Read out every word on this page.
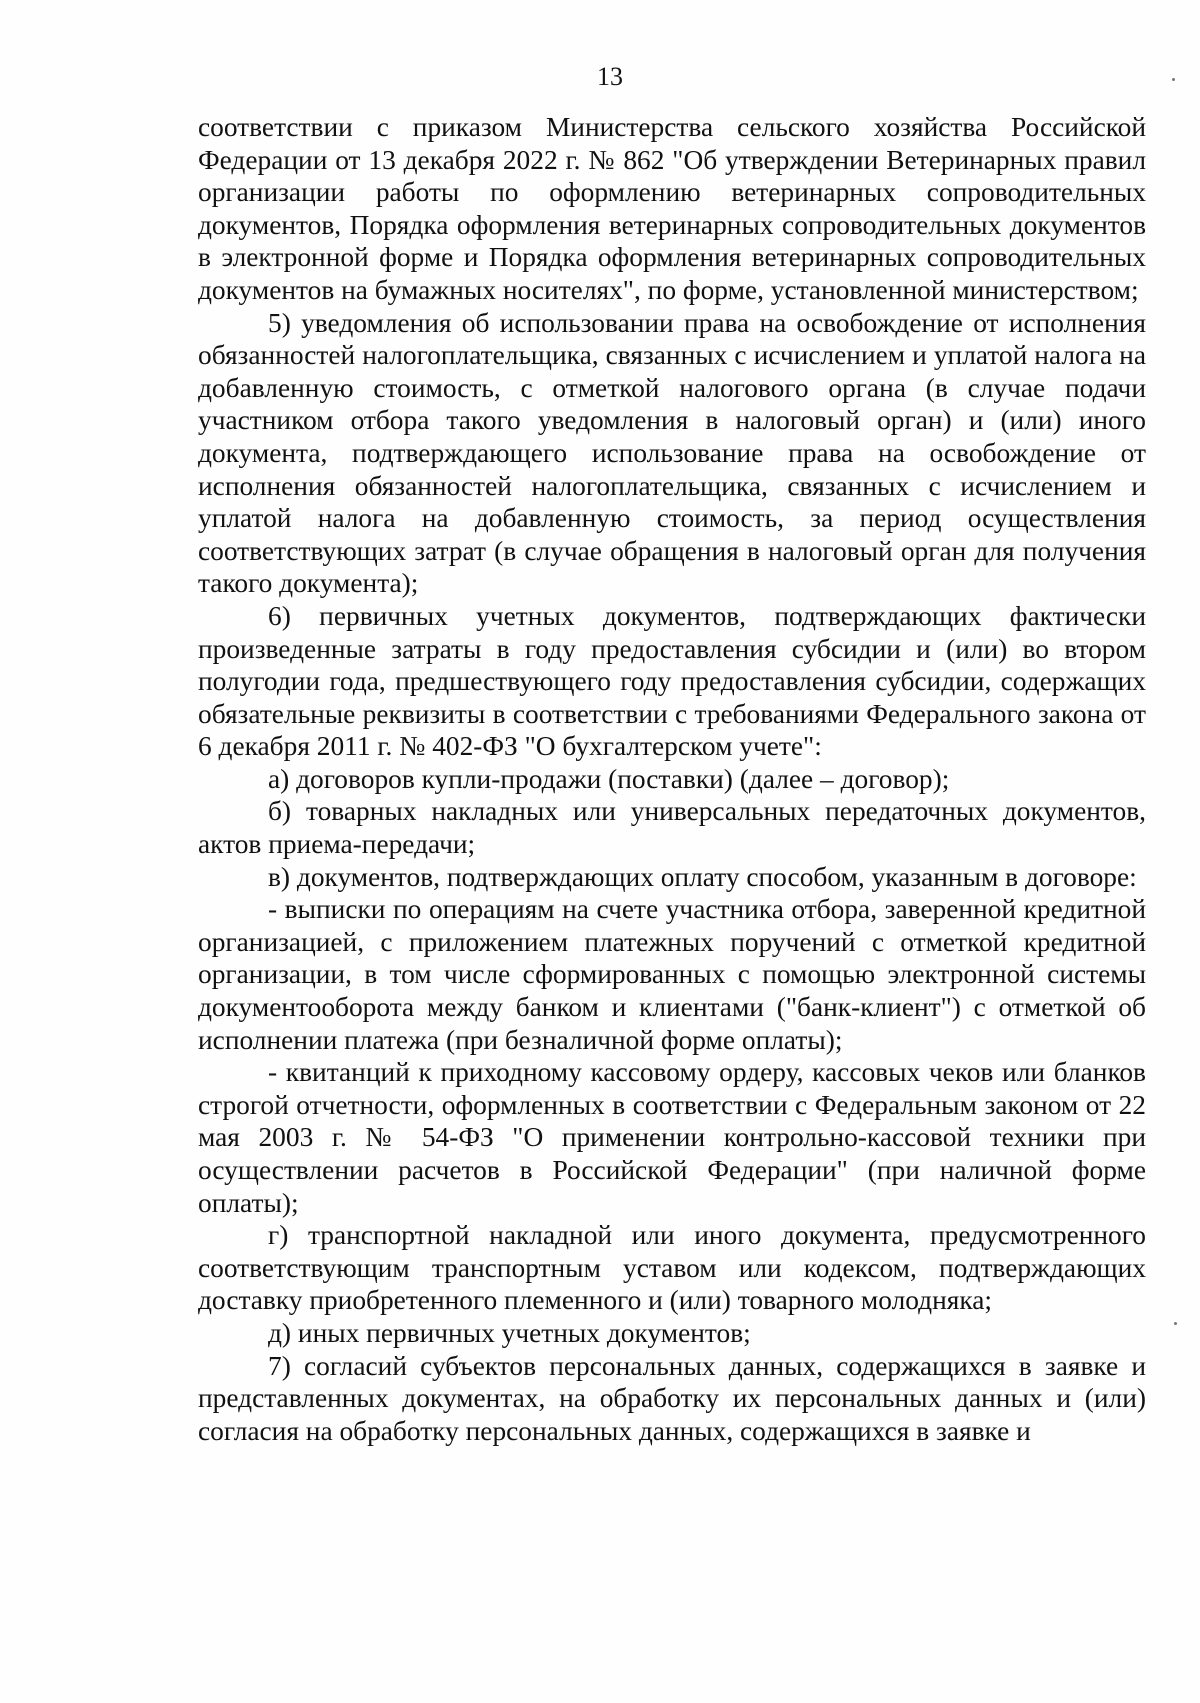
13

соответствии с приказом Министерства сельского хозяйства Российской Федерации от 13 декабря 2022 г. № 862 "Об утверждении Ветеринарных правил организации работы по оформлению ветеринарных сопроводительных документов, Порядка оформления ветеринарных сопроводительных документов в электронной форме и Порядка оформления ветеринарных сопроводительных документов на бумажных носителях", по форме, установленной министерством;

5) уведомления об использовании права на освобождение от исполнения обязанностей налогоплательщика, связанных с исчислением и уплатой налога на добавленную стоимость, с отметкой налогового органа (в случае подачи участником отбора такого уведомления в налоговый орган) и (или) иного документа, подтверждающего использование права на освобождение от исполнения обязанностей налогоплательщика, связанных с исчислением и уплатой налога на добавленную стоимость, за период осуществления соответствующих затрат (в случае обращения в налоговый орган для получения такого документа);

6) первичных учетных документов, подтверждающих фактически произведенные затраты в году предоставления субсидии и (или) во втором полугодии года, предшествующего году предоставления субсидии, содержащих обязательные реквизиты в соответствии с требованиями Федерального закона от 6 декабря 2011 г. № 402-ФЗ "О бухгалтерском учете":

а) договоров купли-продажи (поставки) (далее – договор);

б) товарных накладных или универсальных передаточных документов, актов приема-передачи;

в) документов, подтверждающих оплату способом, указанным в договоре:

- выписки по операциям на счете участника отбора, заверенной кредитной организацией, с приложением платежных поручений с отметкой кредитной организации, в том числе сформированных с помощью электронной системы документооборота между банком и клиентами ("банк-клиент") с отметкой об исполнении платежа (при безналичной форме оплаты);

- квитанций к приходному кассовому ордеру, кассовых чеков или бланков строгой отчетности, оформленных в соответствии с Федеральным законом от 22 мая 2003 г. № 54-ФЗ "О применении контрольно-кассовой техники при осуществлении расчетов в Российской Федерации" (при наличной форме оплаты);

г) транспортной накладной или иного документа, предусмотренного соответствующим транспортным уставом или кодексом, подтверждающих доставку приобретенного племенного и (или) товарного молодняка;

д) иных первичных учетных документов;

7) согласий субъектов персональных данных, содержащихся в заявке и представленных документах, на обработку их персональных данных и (или) согласия на обработку персональных данных, содержащихся в заявке и
